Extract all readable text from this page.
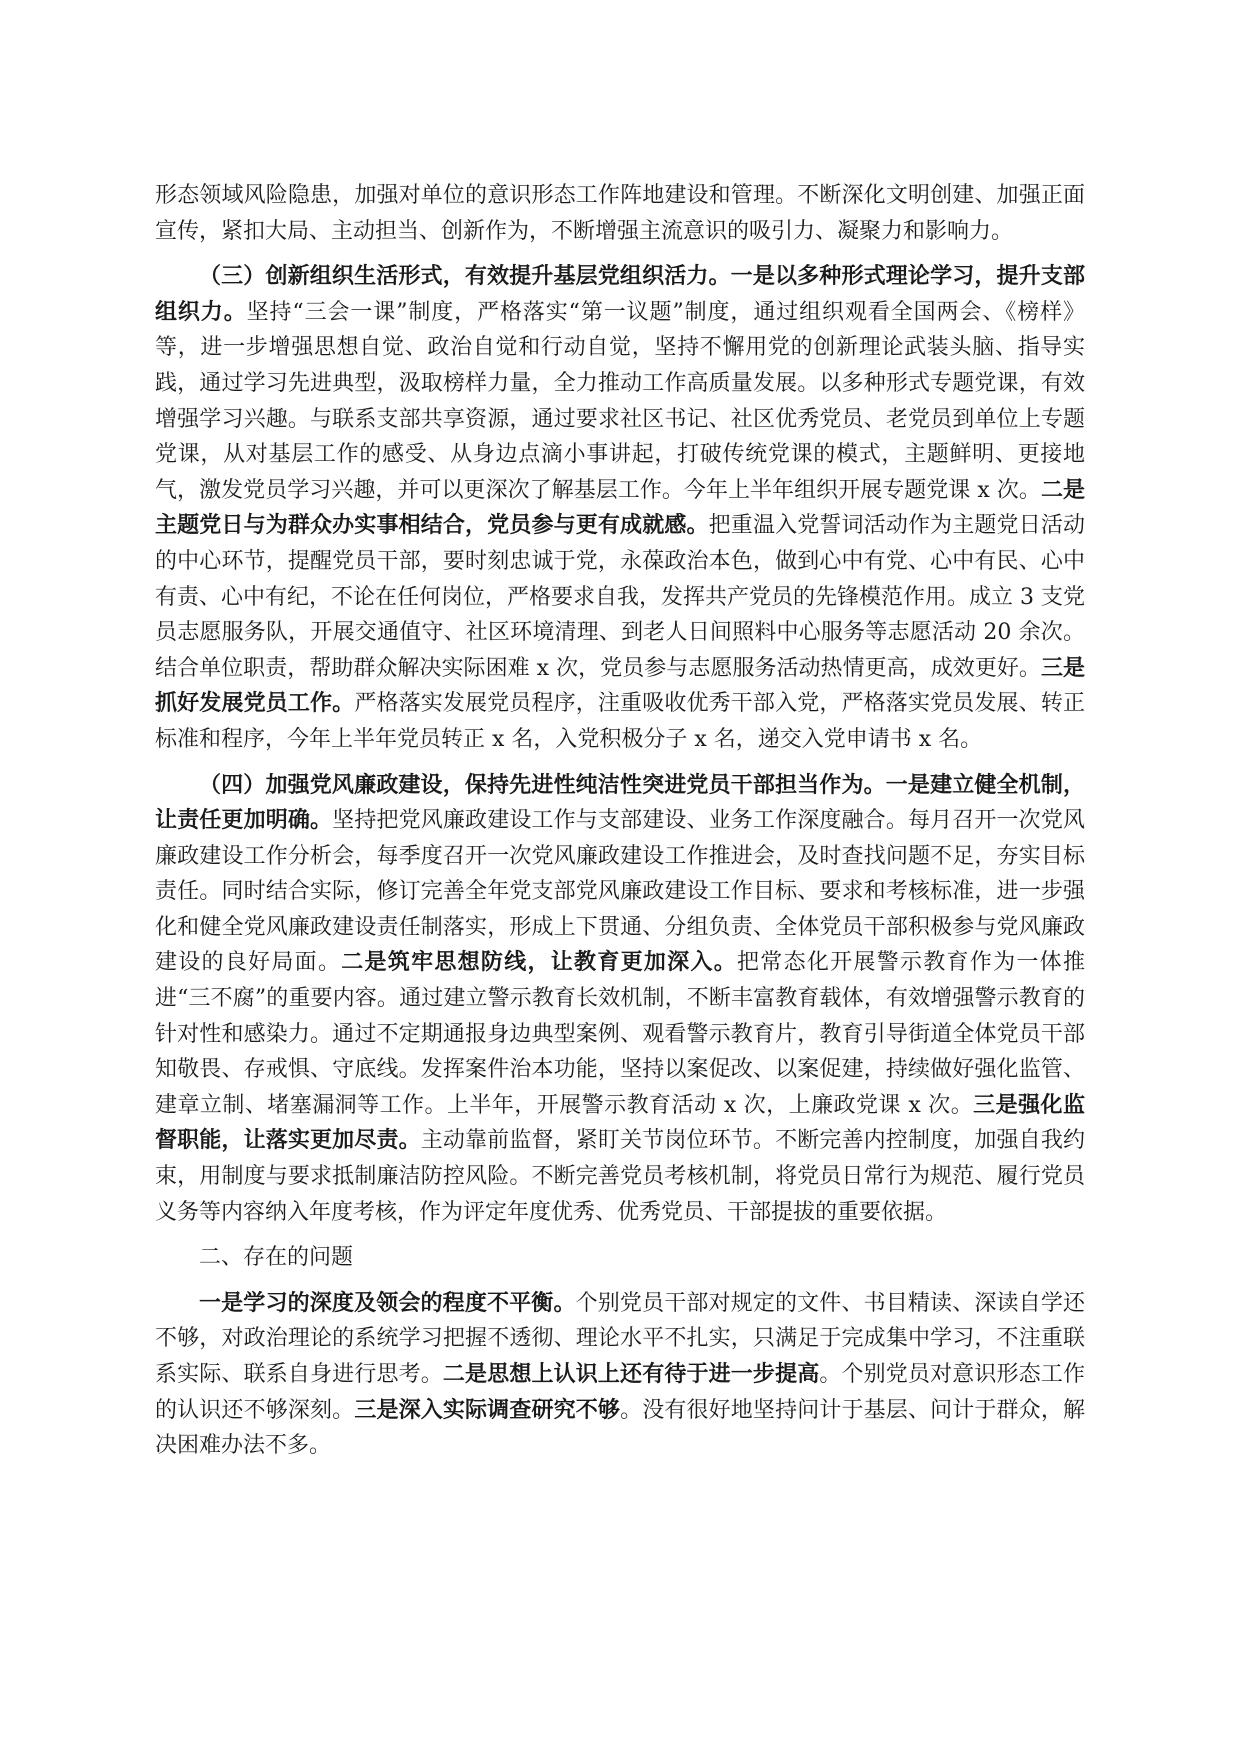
形态领域风险隐患，加强对单位的意识形态工作阵地建设和管理。不断深化文明创建、加强正面宣传，紧扣大局、主动担当、创新作为，不断增强主流意识的吸引力、凝聚力和影响力。

（三）创新组织生活形式，有效提升基层党组织活力。一是以多种形式理论学习，提升支部组织力。坚持“三会一课”制度，严格落实“第一议题”制度，通过组织观看全国两会、《榜样》等，进一步增强思想自觉、政治自觉和行动自觉，坚持不懈用党的创新理论武装头脑、指导实践，通过学习先进典型，汲取榜样力量，全力推动工作高质量发展。以多种形式专题党课，有效增强学习兴趣。与联系支部共享资源，通过要求社区书记、社区优秀党员、老党员到单位上专题党课，从对基层工作的感受、从身边点滴小事讲起，打破传统党课的模式，主题鲜明、更接地气，激发党员学习兴趣，并可以更深次了解基层工作。今年上半年组织开展专题党课 x 次。二是主题党日与为群众办实事相结合，党员参与更有成就感。把重温入党誓词活动作为主题党日活动的中心环节，提醒党员干部，要时刻忠诚于党，永葆政治本色，做到心中有党、心中有民、心中有责、心中有纪，不论在任何岗位，严格要求自我，发挥共产党员的先锋模范作用。成立 3 支党员志愿服务队，开展交通值守、社区环境清理、到老人日间照料中心服务等志愿活动 20 余次。结合单位职责，帮助群众解决实际困难 x 次，党员参与志愿服务活动热情更高，成效更好。三是抓好发展党员工作。严格落实发展党员程序，注重吸收优秀干部入党，严格落实党员发展、转正标准和程序，今年上半年党员转正 x 名，入党积极分子 x 名，递交入党申请书 x 名。

（四）加强党风廉政建设，保持先进性纯洁性突进党员干部担当作为。一是建立健全机制，让责任更加明确。坚持把党风廉政建设工作与支部建设、业务工作深度融合。每月召开一次党风廉政建设工作分析会，每季度召开一次党风廉政建设工作推进会，及时查找问题不足，夯实目标责任。同时结合实际，修订完善全年党支部党风廉政建设工作目标、要求和考核标准，进一步强化和健全党风廉政建设责任制落实，形成上下贯通、分组负责、全体党员干部积极参与党风廉政建设的良好局面。二是筑牢思想防线，让教育更加深入。把常态化开展警示教育作为一体推进“三不腐”的重要内容。通过建立警示教育长效机制，不断丰富教育载体，有效增强警示教育的针对性和感染力。通过不定期通报身边典型案例、观看警示教育片，教育引导街道全体党员干部知敬畏、存戒惧、守底线。发挥案件治本功能，坚持以案促改、以案促建，持续做好强化监管、建章立制、堵塞漏洞等工作。上半年，开展警示教育活动 x 次，上廉政党课 x 次。三是强化监督职能，让落实更加尽责。主动靠前监督，紧盯关节岗位环节。不断完善内控制度，加强自我约束，用制度与要求抵制廉洁防控风险。不断完善党员考核机制，将党员日常行为规范、履行党员义务等内容纳入年度考核，作为评定年度优秀、优秀党员、干部提拔的重要依据。

二、存在的问题

一是学习的深度及领会的程度不平衡。个别党员干部对规定的文件、书目精读、深读自学还不够，对政治理论的系统学习把握不透彻、理论水平不扎实，只满足于完成集中学习，不注重联系实际、联系自身进行思考。二是思想上认识上还有待于进一步提高。个别党员对意识形态工作的认识还不够深刻。三是深入实际调查研究不够。没有很好地坚持问计于基层、问计于群众，解决困难办法不多。
